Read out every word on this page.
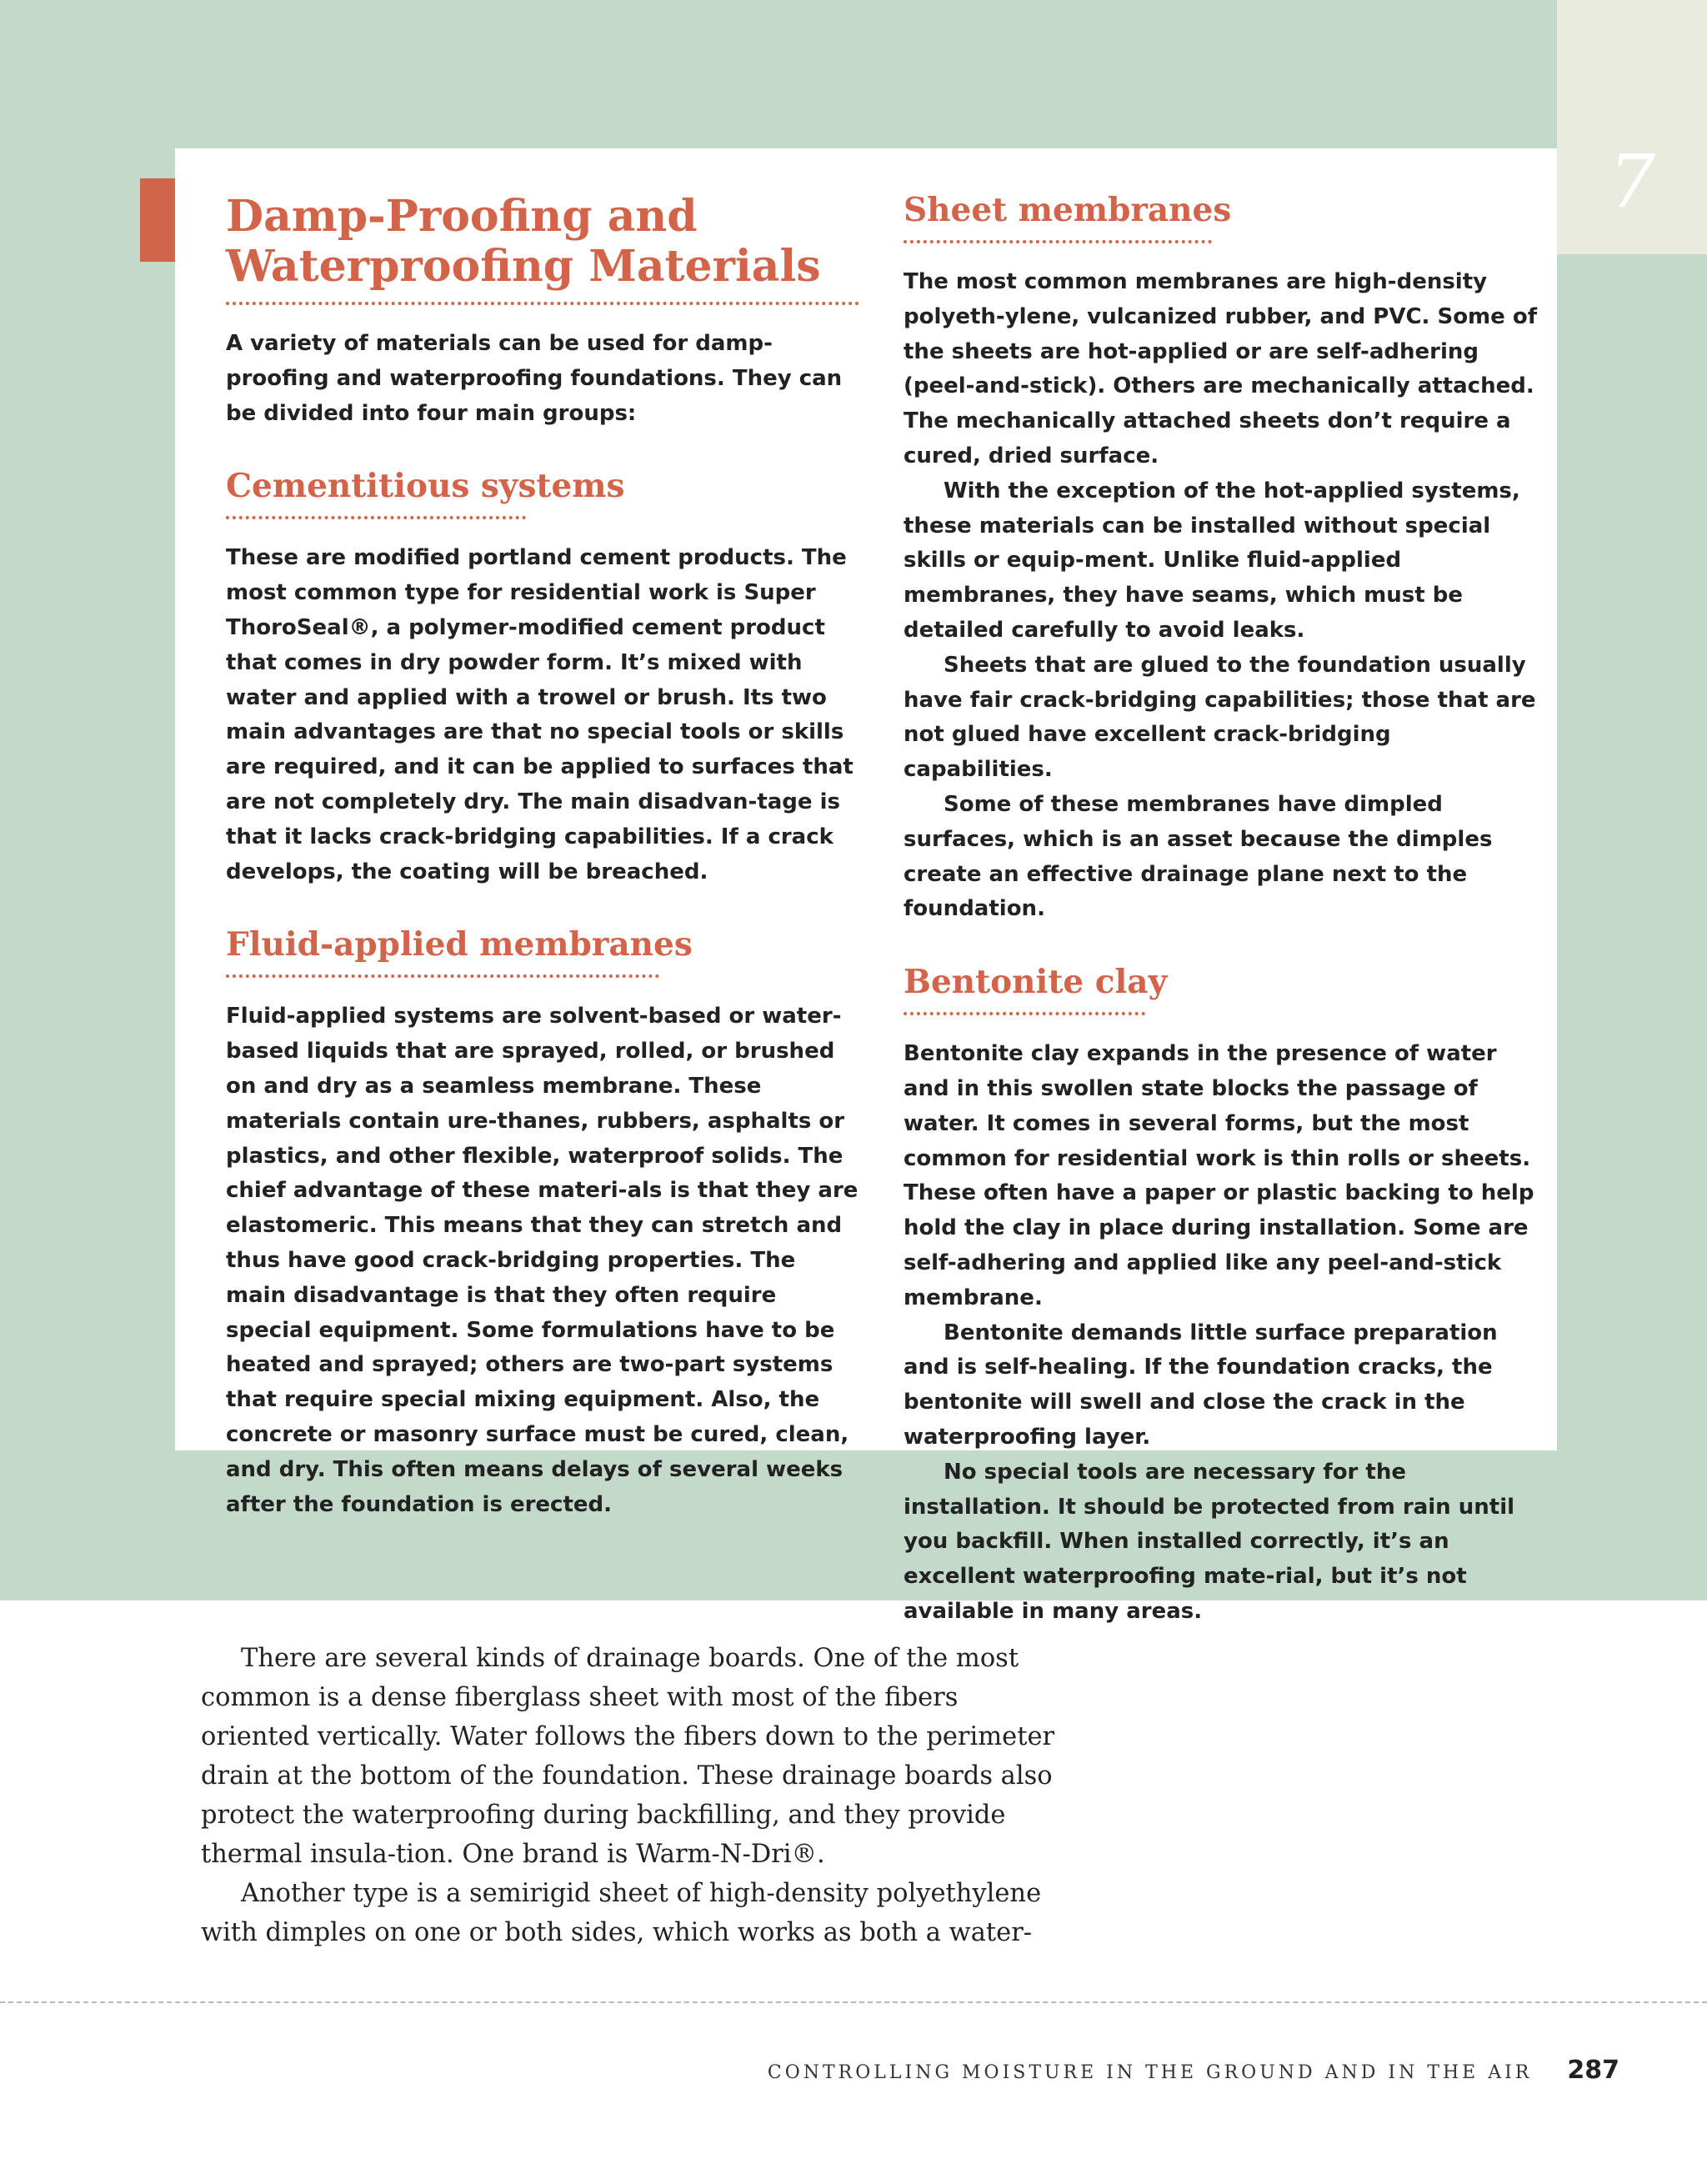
7
Damp-Proofing and Waterproofing Materials

A variety of materials can be used for damp-proofing and waterproofing foundations. They can be divided into four main groups:

Cementitious systems

These are modified portland cement products. The most common type for residential work is Super ThoroSeal®, a polymer-modified cement product that comes in dry powder form. It’s mixed with water and applied with a trowel or brush. Its two main advantages are that no special tools or skills are required, and it can be applied to surfaces that are not completely dry. The main disadvan-tage is that it lacks crack-bridging capabilities. If a crack develops, the coating will be breached.

Fluid-applied membranes

Fluid-applied systems are solvent-based or water-based liquids that are sprayed, rolled, or brushed on and dry as a seamless membrane. These materials contain ure-thanes, rubbers, asphalts or plastics, and other flexible, waterproof solids. The chief advantage of these materi-als is that they are elastomeric. This means that they can stretch and thus have good crack-bridging properties. The main disadvantage is that they often require special equipment. Some formulations have to be heated and sprayed; others are two-part systems that require special mixing equipment. Also, the concrete or masonry surface must be cured, clean, and dry. This often means delays of several weeks after the foundation is erected.

Sheet membranes

The most common membranes are high-density polyeth-ylene, vulcanized rubber, and PVC. Some of the sheets are hot-applied or are self-adhering (peel-and-stick). Others are mechanically attached. The mechanically attached sheets don’t require a cured, dried surface.

With the exception of the hot-applied systems, these materials can be installed without special skills or equip-ment. Unlike fluid-applied membranes, they have seams, which must be detailed carefully to avoid leaks.

Sheets that are glued to the foundation usually have fair crack-bridging capabilities; those that are not glued have excellent crack-bridging capabilities.

Some of these membranes have dimpled surfaces, which is an asset because the dimples create an effective drainage plane next to the foundation.

Bentonite clay

Bentonite clay expands in the presence of water and in this swollen state blocks the passage of water. It comes in several forms, but the most common for residential work is thin rolls or sheets. These often have a paper or plastic backing to help hold the clay in place during installation. Some are self-adhering and applied like any peel-and-stick membrane.

Bentonite demands little surface preparation and is self-healing. If the foundation cracks, the bentonite will swell and close the crack in the waterproofing layer.

No special tools are necessary for the installation. It should be protected from rain until you backfill. When installed correctly, it’s an excellent waterproofing mate-rial, but it’s not available in many areas.

There are several kinds of drainage boards. One of the most common is a dense fiberglass sheet with most of the fibers oriented vertically. Water follows the fibers down to the perimeter drain at the bottom of the foundation. These drainage boards also protect the waterproofing during backfilling, and they provide thermal insula-tion. One brand is Warm-N-Dri®.

Another type is a semirigid sheet of high-density polyethylene with dimples on one or both sides, which works as both a water-

CONTROLLING MOISTURE IN THE GROUND AND IN THE AIR 287
